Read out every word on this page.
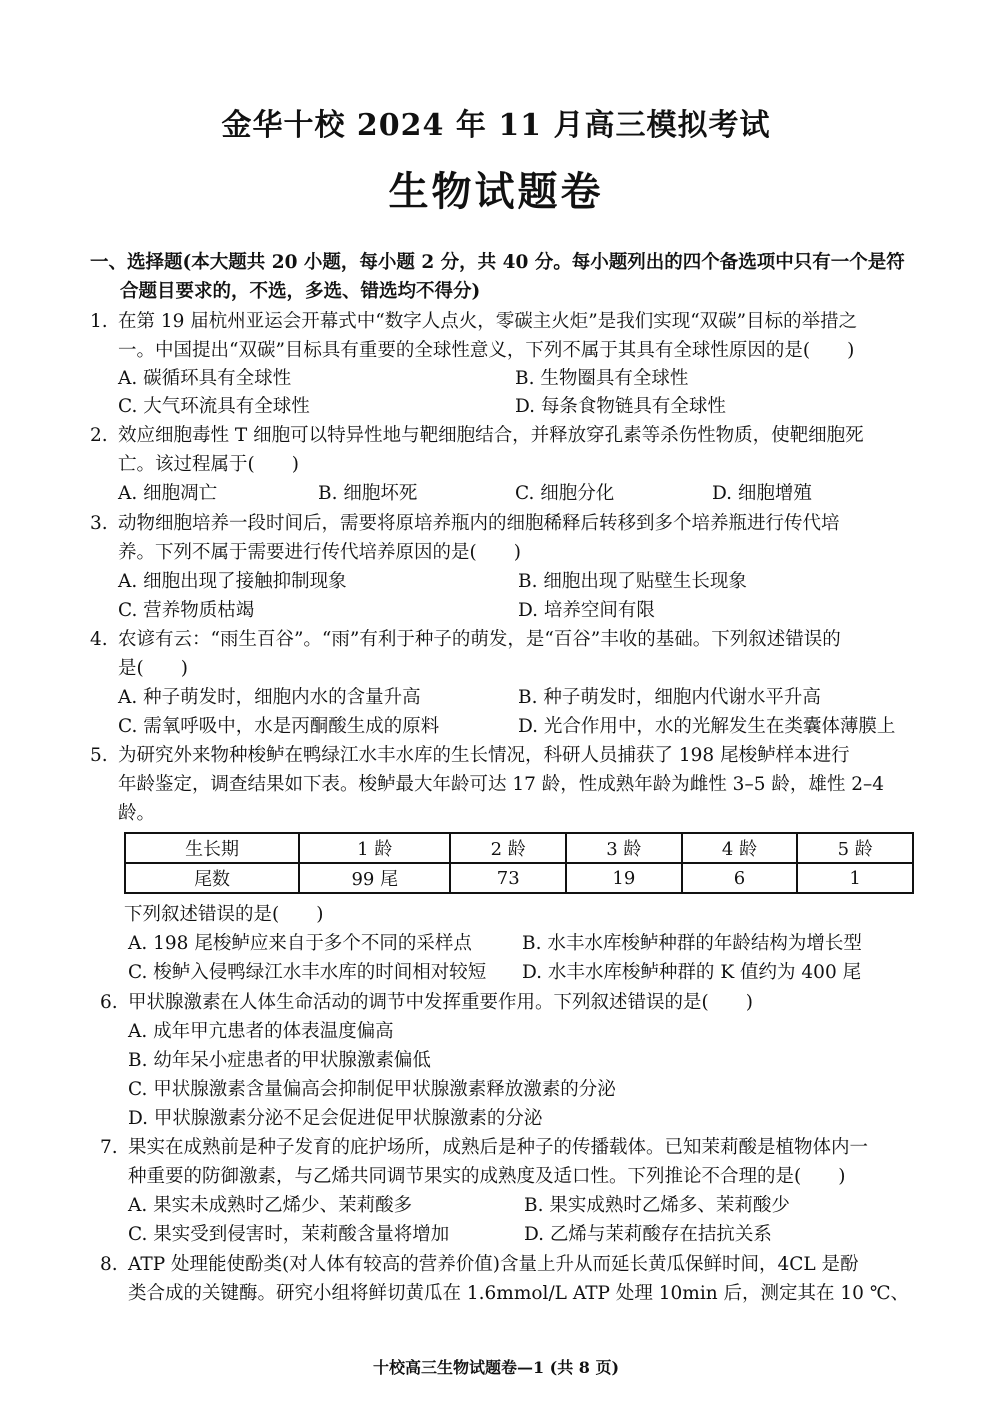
金华十校 2024 年 11 月高三模拟考试
生物试题卷
一、选择题(本大题共 20 小题，每小题 2 分，共 40 分。每小题列出的四个备选项中只有一个是符
合题目要求的，不选，多选、错选均不得分)
1. 在第 19 届杭州亚运会开幕式中“数字人点火，零碳主火炬”是我们实现“双碳”目标的举措之
一。中国提出“双碳”目标具有重要的全球性意义，下列不属于其具有全球性原因的是(　　)
A. 碳循环具有全球性	B. 生物圈具有全球性
C. 大气环流具有全球性	D. 每条食物链具有全球性
2. 效应细胞毒性 T 细胞可以特异性地与靶细胞结合，并释放穿孔素等杀伤性物质，使靶细胞死
亡。该过程属于(　　)
A. 细胞凋亡	B. 细胞坏死	C. 细胞分化	D. 细胞增殖
3. 动物细胞培养一段时间后，需要将原培养瓶内的细胞稀释后转移到多个培养瓶进行传代培
养。下列不属于需要进行传代培养原因的是(　　)
A. 细胞出现了接触抑制现象	B. 细胞出现了贴壁生长现象
C. 营养物质枯竭	D. 培养空间有限
4. 农谚有云：“雨生百谷”。“雨”有利于种子的萌发，是“百谷”丰收的基础。下列叙述错误的
是(　　)
A. 种子萌发时，细胞内水的含量升高	B. 种子萌发时，细胞内代谢水平升高
C. 需氧呼吸中，水是丙酮酸生成的原料	D. 光合作用中，水的光解发生在类囊体薄膜上
5. 为研究外来物种梭鲈在鸭绿江水丰水库的生长情况，科研人员捕获了 198 尾梭鲈样本进行
年龄鉴定，调查结果如下表。梭鲈最大年龄可达 17 龄，性成熟年龄为雌性 3–5 龄，雄性 2–4
龄。
生长期	1 龄	2 龄	3 龄	4 龄	5 龄
尾数	99 尾	73	19	6	1
下列叙述错误的是(　　)
A. 198 尾梭鲈应来自于多个不同的采样点	B. 水丰水库梭鲈种群的年龄结构为增长型
C. 梭鲈入侵鸭绿江水丰水库的时间相对较短 D. 水丰水库梭鲈种群的 K 值约为 400 尾
6. 甲状腺激素在人体生命活动的调节中发挥重要作用。下列叙述错误的是(　　)
A. 成年甲亢患者的体表温度偏高
B. 幼年呆小症患者的甲状腺激素偏低
C. 甲状腺激素含量偏高会抑制促甲状腺激素释放激素的分泌
D. 甲状腺激素分泌不足会促进促甲状腺激素的分泌
7. 果实在成熟前是种子发育的庇护场所，成熟后是种子的传播载体。已知茉莉酸是植物体内一
种重要的防御激素，与乙烯共同调节果实的成熟度及适口性。下列推论不合理的是(　　)
A. 果实未成熟时乙烯少、茉莉酸多	B. 果实成熟时乙烯多、茉莉酸少
C. 果实受到侵害时，茉莉酸含量将增加	D. 乙烯与茉莉酸存在拮抗关系
8. ATP 处理能使酚类(对人体有较高的营养价值)含量上升从而延长黄瓜保鲜时间，4CL 是酚
类合成的关键酶。研究小组将鲜切黄瓜在 1.6mmol/L ATP 处理 10min 后，测定其在 10 ℃、
十校高三生物试题卷—1 (共 8 页)
